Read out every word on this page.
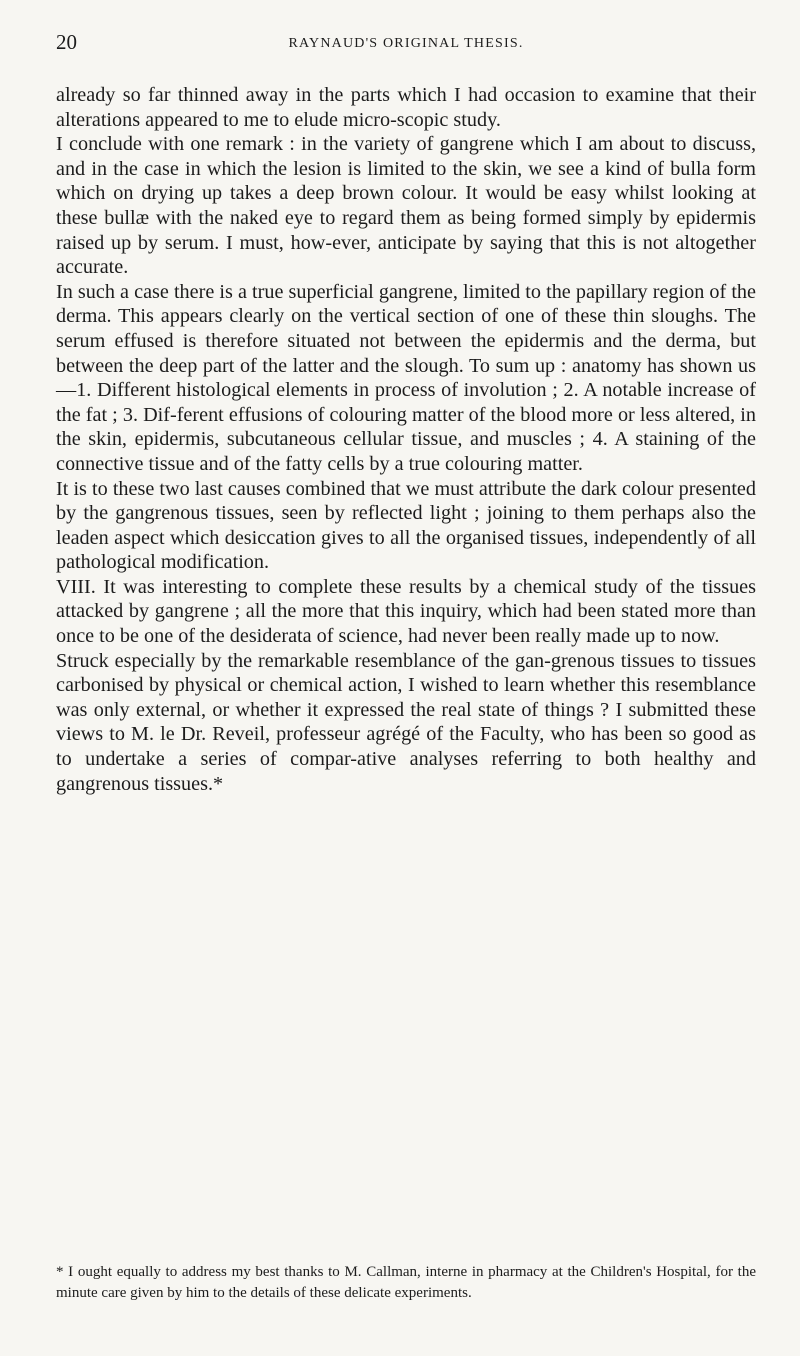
20	RAYNAUD'S ORIGINAL THESIS.

already so far thinned away in the parts which I had occasion to examine that their alterations appeared to me to elude micro-scopic study.

I conclude with one remark : in the variety of gangrene which I am about to discuss, and in the case in which the lesion is limited to the skin, we see a kind of bulla form which on drying up takes a deep brown colour. It would be easy whilst looking at these bullæ with the naked eye to regard them as being formed simply by epidermis raised up by serum. I must, how-ever, anticipate by saying that this is not altogether accurate.

In such a case there is a true superficial gangrene, limited to the papillary region of the derma. This appears clearly on the vertical section of one of these thin sloughs. The serum effused is therefore situated not between the epidermis and the derma, but between the deep part of the latter and the slough. To sum up : anatomy has shown us—1. Different histological elements in process of involution ; 2. A notable increase of the fat ; 3. Dif-ferent effusions of colouring matter of the blood more or less altered, in the skin, epidermis, subcutaneous cellular tissue, and muscles ; 4. A staining of the connective tissue and of the fatty cells by a true colouring matter.

It is to these two last causes combined that we must attribute the dark colour presented by the gangrenous tissues, seen by reflected light ; joining to them perhaps also the leaden aspect which desiccation gives to all the organised tissues, independently of all pathological modification.

VIII. It was interesting to complete these results by a chemical study of the tissues attacked by gangrene ; all the more that this inquiry, which had been stated more than once to be one of the desiderata of science, had never been really made up to now.

Struck especially by the remarkable resemblance of the gan-grenous tissues to tissues carbonised by physical or chemical action, I wished to learn whether this resemblance was only external, or whether it expressed the real state of things ? I submitted these views to M. le Dr. Reveil, professeur agrégé of the Faculty, who has been so good as to undertake a series of compar-ative analyses referring to both healthy and gangrenous tissues.*

* I ought equally to address my best thanks to M. Callman, interne in pharmacy at the Children's Hospital, for the minute care given by him to the details of these delicate experiments.
